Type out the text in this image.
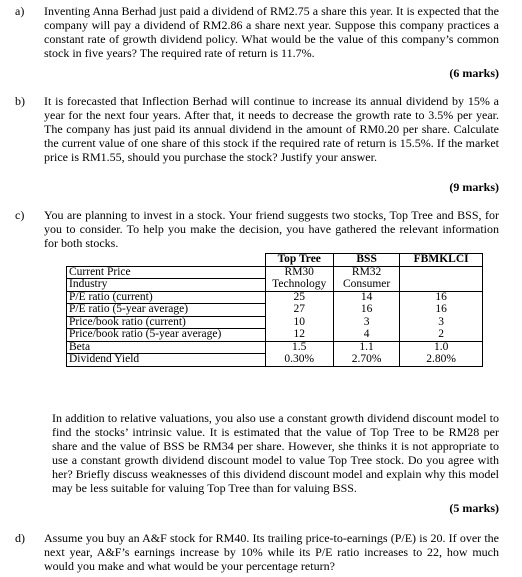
a) Inventing Anna Berhad just paid a dividend of RM2.75 a share this year. It is expected that the company will pay a dividend of RM2.86 a share next year. Suppose this company practices a constant rate of growth dividend policy. What would be the value of this company’s common stock in five years? The required rate of return is 11.7%.
(6 marks)
b) It is forecasted that Inflection Berhad will continue to increase its annual dividend by 15% a year for the next four years. After that, it needs to decrease the growth rate to 3.5% per year. The company has just paid its annual dividend in the amount of RM0.20 per share. Calculate the current value of one share of this stock if the required rate of return is 15.5%. If the market price is RM1.55, should you purchase the stock? Justify your answer.
(9 marks)
c) You are planning to invest in a stock. Your friend suggests two stocks, Top Tree and BSS, for you to consider. To help you make the decision, you have gathered the relevant information for both stocks.
	Top Tree	BSS	FBMKLCI
Current Price	RM30	RM32	
Industry	Technology	Consumer	
P/E ratio (current)	25	14	16
P/E ratio (5-year average)	27	16	16
Price/book ratio (current)	10	3	3
Price/book ratio (5-year average)	12	4	2
Beta	1.5	1.1	1.0
Dividend Yield	0.30%	2.70%	2.80%
In addition to relative valuations, you also use a constant growth dividend discount model to find the stocks’ intrinsic value. It is estimated that the value of Top Tree to be RM28 per share and the value of BSS be RM34 per share. However, she thinks it is not appropriate to use a constant growth dividend discount model to value Top Tree stock. Do you agree with her? Briefly discuss weaknesses of this dividend discount model and explain why this model may be less suitable for valuing Top Tree than for valuing BSS.
(5 marks)
d) Assume you buy an A&F stock for RM40. Its trailing price-to-earnings (P/E) is 20. If over the next year, A&F’s earnings increase by 10% while its P/E ratio increases to 22, how much would you make and what would be your percentage return?
